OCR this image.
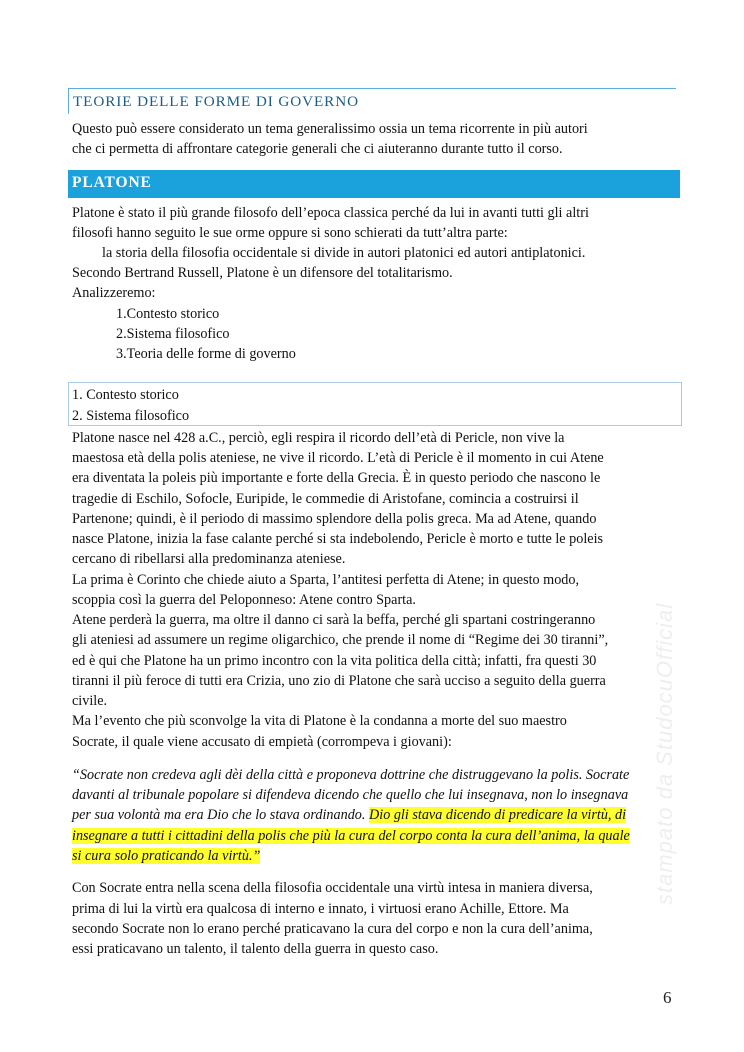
TEORIE DELLE FORME DI GOVERNO

Questo può essere considerato un tema generalissimo ossia un tema ricorrente in più autori

che ci permetta di affrontare categorie generali che ci aiuteranno durante tutto il corso.

PLATONE

Platone è stato il più grande filosofo dell’epoca classica perché da lui in avanti tutti gli altri

filosofi hanno seguito le sue orme oppure si sono schierati da tutt’altra parte:

la storia della filosofia occidentale si divide in autori platonici ed autori antiplatonici.

Secondo Bertrand Russell, Platone è un difensore del totalitarismo.

Analizzeremo:

1.Contesto storico

2.Sistema filosofico

3.Teoria delle forme di governo

1. Contesto storico

2. Sistema filosofico

Platone nasce nel 428 a.C., perciò, egli respira il ricordo dell’età di Pericle, non vive la

maestosa età della polis ateniese, ne vive il ricordo. L’età di Pericle è il momento in cui Atene

era diventata la poleis più importante e forte della Grecia. È in questo periodo che nascono le

tragedie di Eschilo, Sofocle, Euripide, le commedie di Aristofane, comincia a costruirsi il

Partenone; quindi, è il periodo di massimo splendore della polis greca. Ma ad Atene, quando

nasce Platone, inizia la fase calante perché si sta indebolendo, Pericle è morto e tutte le poleis

cercano di ribellarsi alla predominanza ateniese.

La prima è Corinto che chiede aiuto a Sparta, l’antitesi perfetta di Atene; in questo modo,

scoppia così la guerra del Peloponneso: Atene contro Sparta.

Atene perderà la guerra, ma oltre il danno ci sarà la beffa, perché gli spartani costringeranno

gli ateniesi ad assumere un regime oligarchico, che prende il nome di “Regime dei 30 tiranni”,

ed è qui che Platone ha un primo incontro con la vita politica della città; infatti, fra questi 30

tiranni il più feroce di tutti era Crizia, uno zio di Platone che sarà ucciso a seguito della guerra

civile.

Ma l’evento che più sconvolge la vita di Platone è la condanna a morte del suo maestro

Socrate, il quale viene accusato di empietà (corrompeva i giovani):

“Socrate non credeva agli dèi della città e proponeva dottrine che distruggevano la polis. Socrate

davanti al tribunale popolare si difendeva dicendo che quello che lui insegnava, non lo insegnava

per sua volontà ma era Dio che lo stava ordinando. Dio gli stava dicendo di predicare la virtù, di

insegnare a tutti i cittadini della polis che più la cura del corpo conta la cura dell’anima, la quale

si cura solo praticando la virtù.”

Con Socrate entra nella scena della filosofia occidentale una virtù intesa in maniera diversa,

prima di lui la virtù era qualcosa di interno e innato, i virtuosi erano Achille, Ettore. Ma

secondo Socrate non lo erano perché praticavano la cura del corpo e non la cura dell’anima,

essi praticavano un talento, il talento della guerra in questo caso.

stampato da StudocuOfficial
6
